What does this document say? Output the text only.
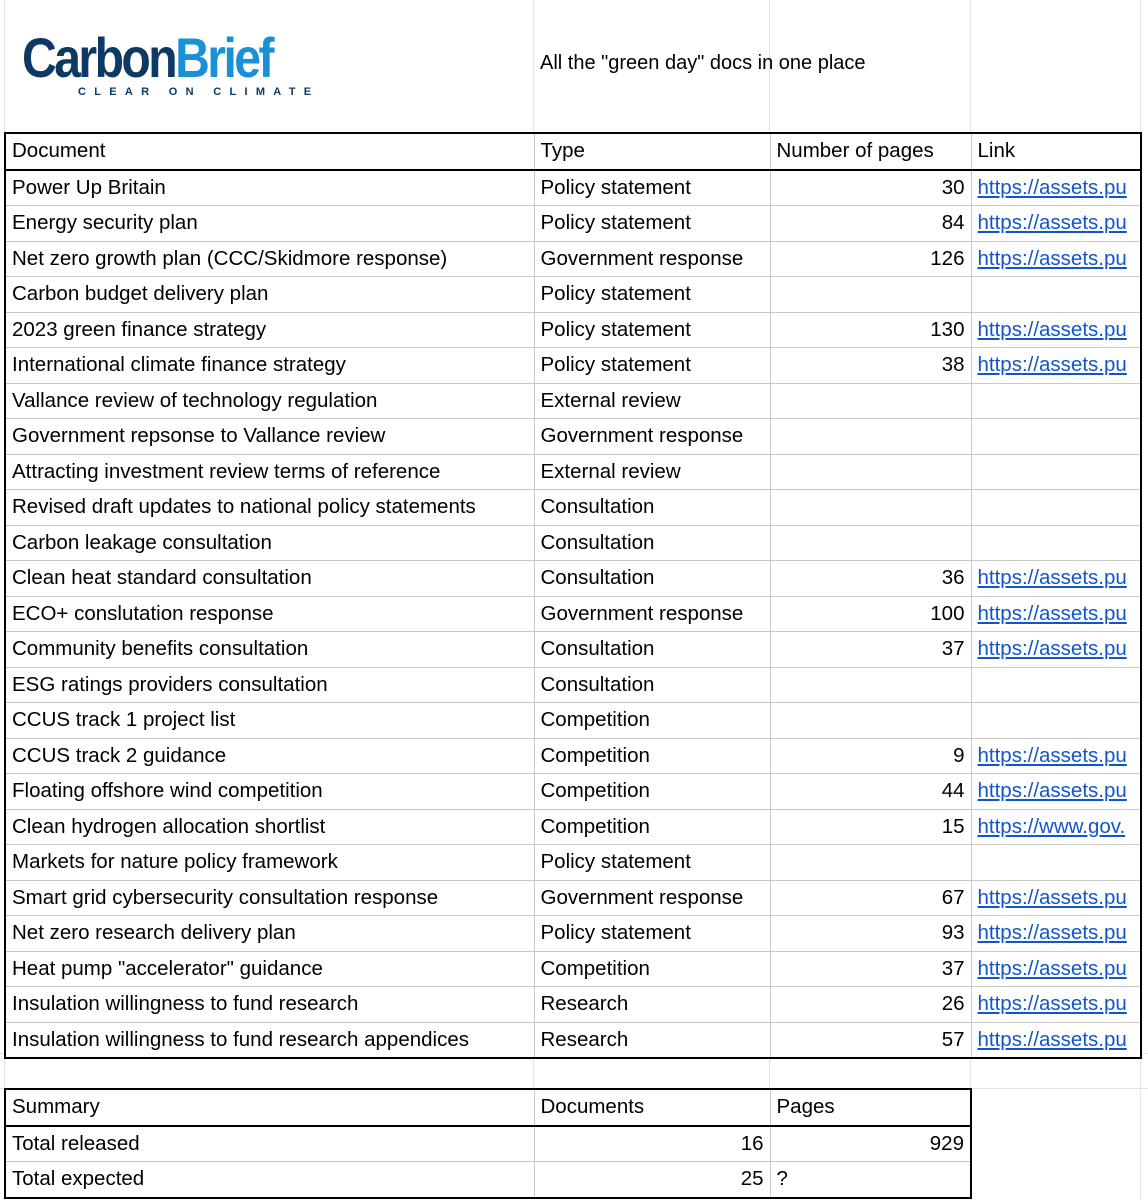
CarbonBrief
CLEAR ON CLIMATE
All the "green day" docs in one place
Document	Type	Number of pages	Link
Power Up Britain	Policy statement	30	https://assets.pu
Energy security plan	Policy statement	84	https://assets.pu
Net zero growth plan (CCC/Skidmore response)	Government response	126	https://assets.pu
Carbon budget delivery plan	Policy statement		
2023 green finance strategy	Policy statement	130	https://assets.pu
International climate finance strategy	Policy statement	38	https://assets.pu
Vallance review of technology regulation	External review		
Government repsonse to Vallance review	Government response		
Attracting investment review terms of reference	External review		
Revised draft updates to national policy statements	Consultation		
Carbon leakage consultation	Consultation		
Clean heat standard consultation	Consultation	36	https://assets.pu
ECO+ conslutation response	Government response	100	https://assets.pu
Community benefits consultation	Consultation	37	https://assets.pu
ESG ratings providers consultation	Consultation		
CCUS track 1 project list	Competition		
CCUS track 2 guidance	Competition	9	https://assets.pu
Floating offshore wind competition	Competition	44	https://assets.pu
Clean hydrogen allocation shortlist	Competition	15	https://www.gov.
Markets for nature policy framework	Policy statement		
Smart grid cybersecurity consultation response	Government response	67	https://assets.pu
Net zero research delivery plan	Policy statement	93	https://assets.pu
Heat pump "accelerator" guidance	Competition	37	https://assets.pu
Insulation willingness to fund research	Research	26	https://assets.pu
Insulation willingness to fund research appendices	Research	57	https://assets.pu
Summary	Documents	Pages
Total released	16	929
Total expected	25	?
